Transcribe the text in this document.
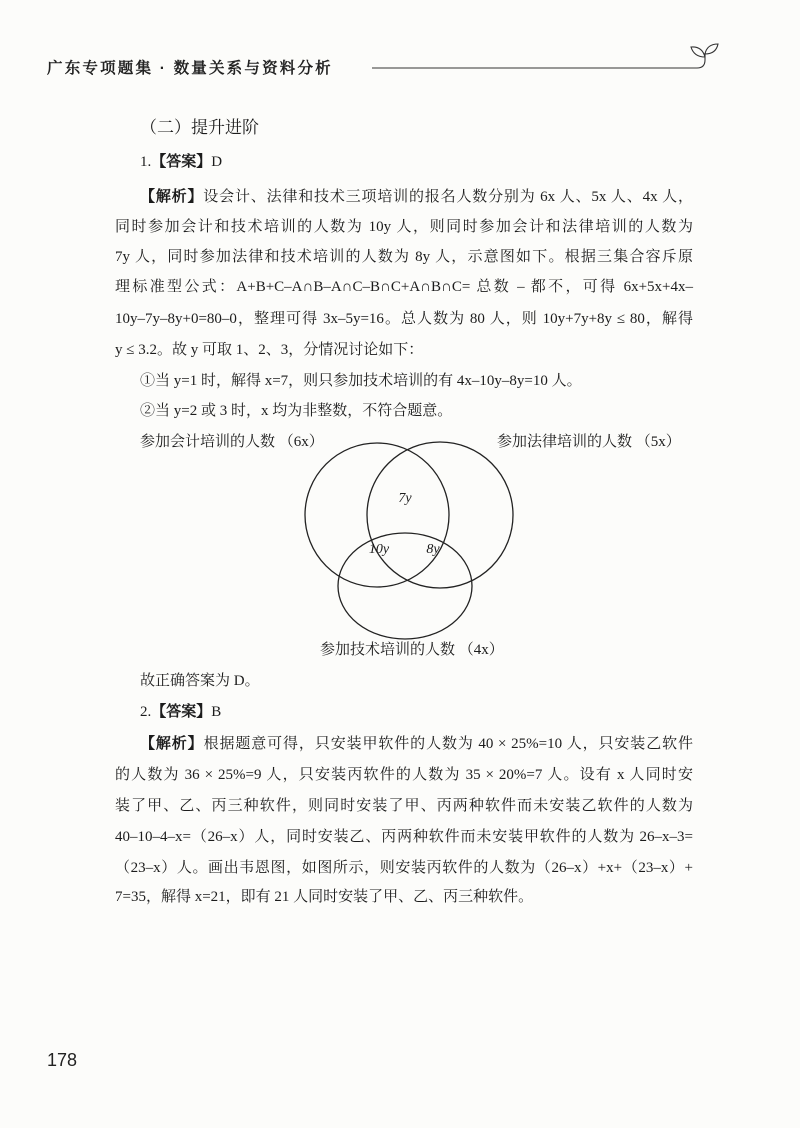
广东专项题集 · 数量关系与资料分析
（二）提升进阶
1.【答案】D
【解析】设会计、法律和技术三项培训的报名人数分别为 6x 人、5x 人、4x 人，
同时参加会计和技术培训的人数为 10y 人，则同时参加会计和法律培训的人数为
7y 人，同时参加法律和技术培训的人数为 8y 人，示意图如下。根据三集合容斥原
理标准型公式：A+B+C–A∩B–A∩C–B∩C+A∩B∩C= 总数 – 都不，可得 6x+5x+4x–
10y–7y–8y+0=80–0，整理可得 3x–5y=16。总人数为 80 人，则 10y+7y+8y ≤ 80，解得
y ≤ 3.2。故 y 可取 1、2、3，分情况讨论如下：
①当 y=1 时，解得 x=7，则只参加技术培训的有 4x–10y–8y=10 人。
②当 y=2 或 3 时，x 均为非整数，不符合题意。
参加会计培训的人数 （6x）	参加法律培训的人数 （5x）
7y
10y	8y
参加技术培训的人数 （4x）
故正确答案为 D。
2.【答案】B
【解析】根据题意可得，只安装甲软件的人数为 40 × 25%=10 人，只安装乙软件
的人数为 36 × 25%=9 人，只安装丙软件的人数为 35 × 20%=7 人。设有 x 人同时安
装了甲、乙、丙三种软件，则同时安装了甲、丙两种软件而未安装乙软件的人数为
40–10–4–x=（26–x）人，同时安装乙、丙两种软件而未安装甲软件的人数为 26–x–3=
（23–x）人。画出韦恩图，如图所示，则安装丙软件的人数为（26–x）+x+（23–x）+
7=35，解得 x=21，即有 21 人同时安装了甲、乙、丙三种软件。
178
